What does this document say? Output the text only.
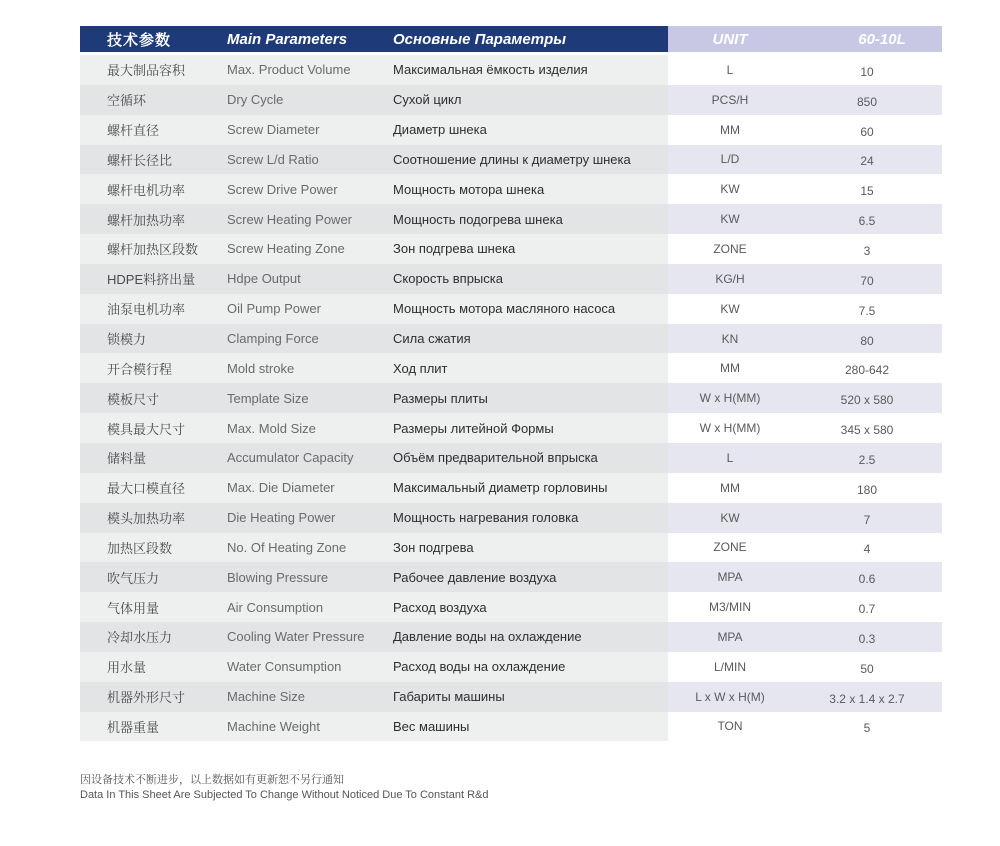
技术参数	Main Parameters	Основные Параметры	UNIT	60-10L
最大制品容积	Max. Product Volume	Максимальная ёмкость изделия	L	10
空循环	Dry Cycle	Сухой цикл	PCS/H	850
螺杆直径	Screw Diameter	Диаметр шнека	MM	60
螺杆长径比	Screw L/d Ratio	Соотношение длины к диаметру шнека	L/D	24
螺杆电机功率	Screw Drive Power	Мощность мотора шнека	KW	15
螺杆加热功率	Screw Heating Power	Мощность подогрева шнека	KW	6.5
螺杆加热区段数	Screw Heating Zone	Зон подгрева шнека	ZONE	3
HDPE料挤出量	Hdpe Output	Скорость впрыска	KG/H	70
油泵电机功率	Oil Pump Power	Мощность мотора масляного насоса	KW	7.5
锁模力	Clamping Force	Сила сжатия	KN	80
开合模行程	Mold stroke	Ход плит	MM	280-642
模板尺寸	Template Size	Размеры плиты	W x H(MM)	520 x 580
模具最大尺寸	Max. Mold Size	Размеры литейной Формы	W x H(MM)	345 x 580
储料量	Accumulator Capacity	Объём предварительной впрыска	L	2.5
最大口模直径	Max. Die Diameter	Максимальный диаметр горловины	MM	180
模头加热功率	Die Heating Power	Мощность нагревания головка	KW	7
加热区段数	No. Of Heating Zone	Зон подгрева	ZONE	4
吹气压力	Blowing Pressure	Рабочее давление воздуха	MPA	0.6
气体用量	Air Consumption	Расход воздуха	M3/MIN	0.7
冷却水压力	Cooling Water Pressure	Давление воды на охлаждение	MPA	0.3
用水量	Water Consumption	Расход воды на охлаждение	L/MIN	50
机器外形尺寸	Machine Size	Габариты машины	L x W x H(M)	3.2 x 1.4 x 2.7
机器重量	Machine Weight	Вес машины	TON	5
因设备技术不断进步，以上数据如有更新恕不另行通知
Data In This Sheet Are Subjected To Change Without Noticed Due To Constant R&d
